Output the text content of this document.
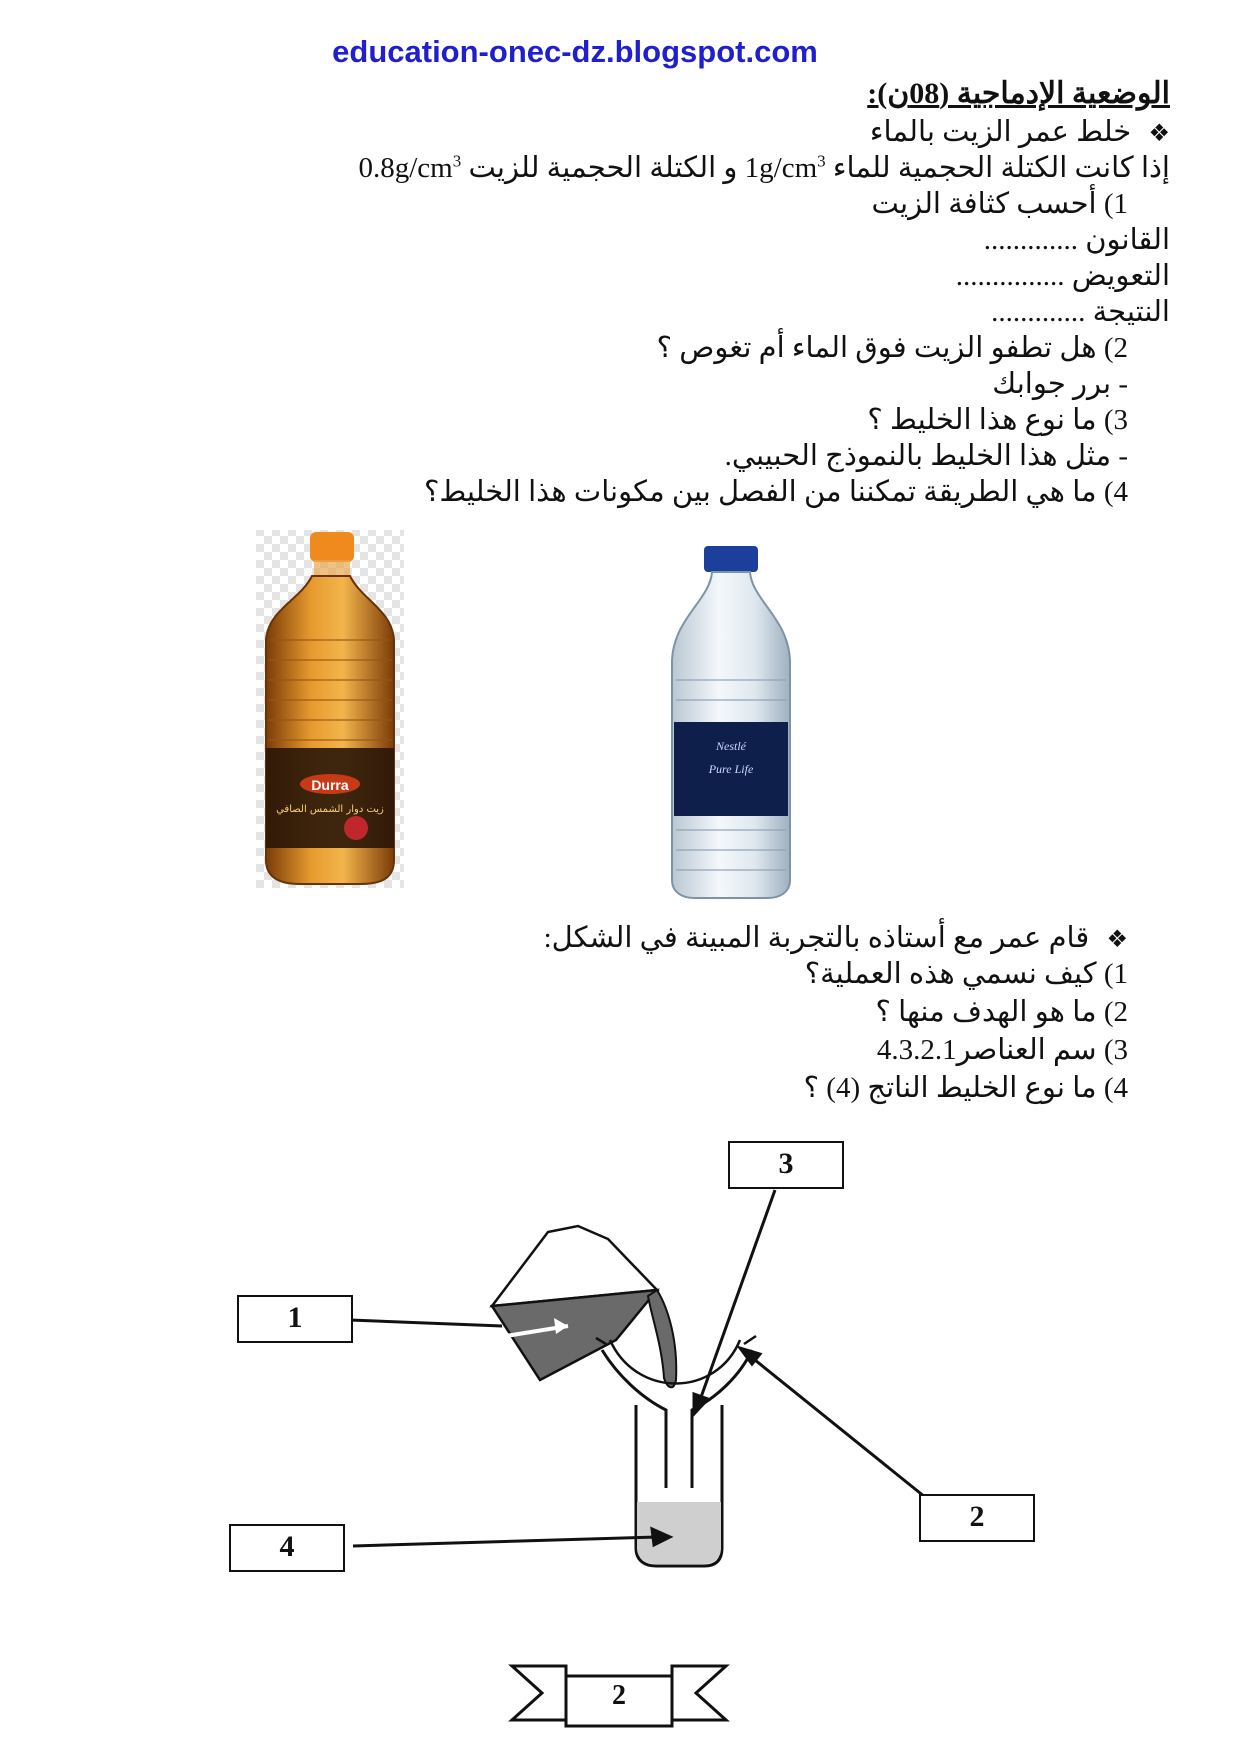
education-onec-dz.blogspot.com
الوضعية الإدماجية (08ن):
❖ خلط عمر الزيت بالماء
إذا كانت الكتلة الحجمية للماء $1g/cm^3$ و الكتلة الحجمية للزيت $0.8g/cm^3$
1) أحسب كثافة الزيت
القانون .............
التعويض ...............
النتيجة .............
2) هل تطفو الزيت فوق الماء أم تغوص ؟
- برر جوابك
3) ما نوع هذا الخليط ؟
- مثل هذا الخليط بالنموذج الحبيبي.
4) ما هي الطريقة تمكننا من الفصل بين مكونات هذا الخليط؟
Durra
زيت دوار الشمس الصافي
Nestlé
Pure Life
❖ قام عمر مع أستاذه بالتجربة المبينة في الشكل:
1) كيف نسمي هذه العملية؟
2) ما هو الهدف منها ؟
3) سم العناصر4.3.2.1
4) ما نوع الخليط الناتج (4) ؟
1
2
3
4
2
